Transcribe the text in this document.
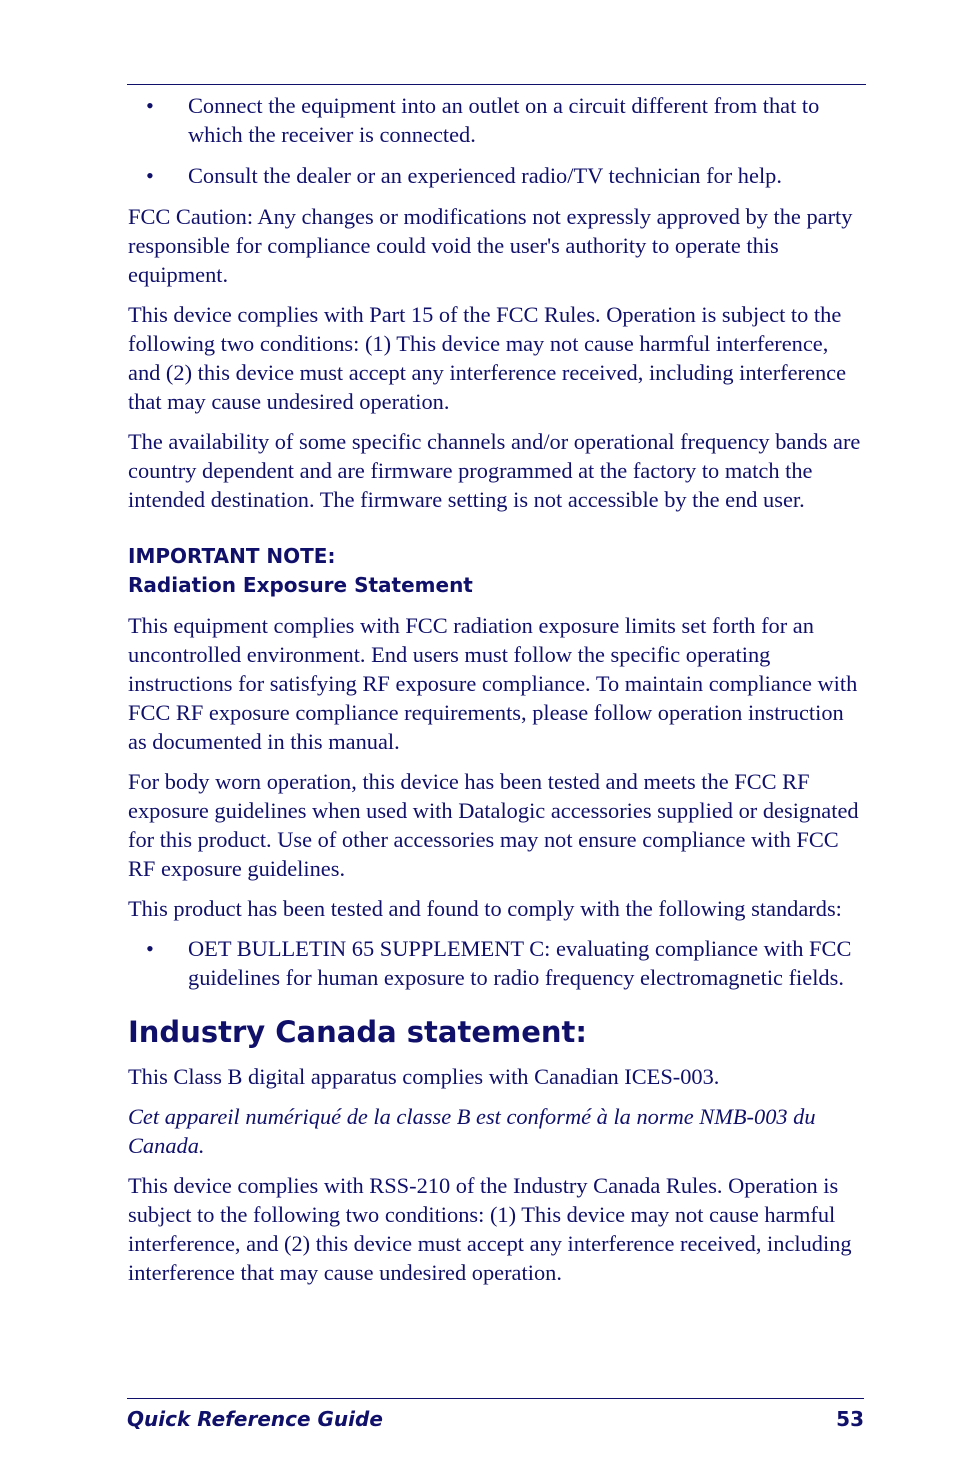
• Connect the equipment into an outlet on a circuit different from that to which the receiver is connected.
• Consult the dealer or an experienced radio/TV technician for help.

FCC Caution: Any changes or modifications not expressly approved by the party responsible for compliance could void the user's authority to operate this equipment.

This device complies with Part 15 of the FCC Rules. Operation is subject to the following two conditions: (1) This device may not cause harmful interference, and (2) this device must accept any interference received, including interference that may cause undesired operation.

The availability of some specific channels and/or operational frequency bands are country dependent and are firmware programmed at the factory to match the intended destination. The firmware setting is not accessible by the end user.

IMPORTANT NOTE:
Radiation Exposure Statement

This equipment complies with FCC radiation exposure limits set forth for an uncontrolled environment. End users must follow the specific operating instructions for satisfying RF exposure compliance. To maintain compliance with FCC RF exposure compliance requirements, please follow operation instruction as documented in this manual.

For body worn operation, this device has been tested and meets the FCC RF exposure guidelines when used with Datalogic accessories supplied or designated for this product. Use of other accessories may not ensure compliance with FCC RF exposure guidelines.

This product has been tested and found to comply with the following standards:

• OET BULLETIN 65 SUPPLEMENT C: evaluating compliance with FCC guidelines for human exposure to radio frequency electromagnetic fields.
Industry Canada statement:

This Class B digital apparatus complies with Canadian ICES-003.

Cet appareil numériqué de la classe B est conformé à la norme NMB-003 du Canada.

This device complies with RSS-210 of the Industry Canada Rules. Operation is subject to the following two conditions: (1) This device may not cause harmful interference, and (2) this device must accept any interference received, including interference that may cause undesired operation.

Quick Reference Guide	53
